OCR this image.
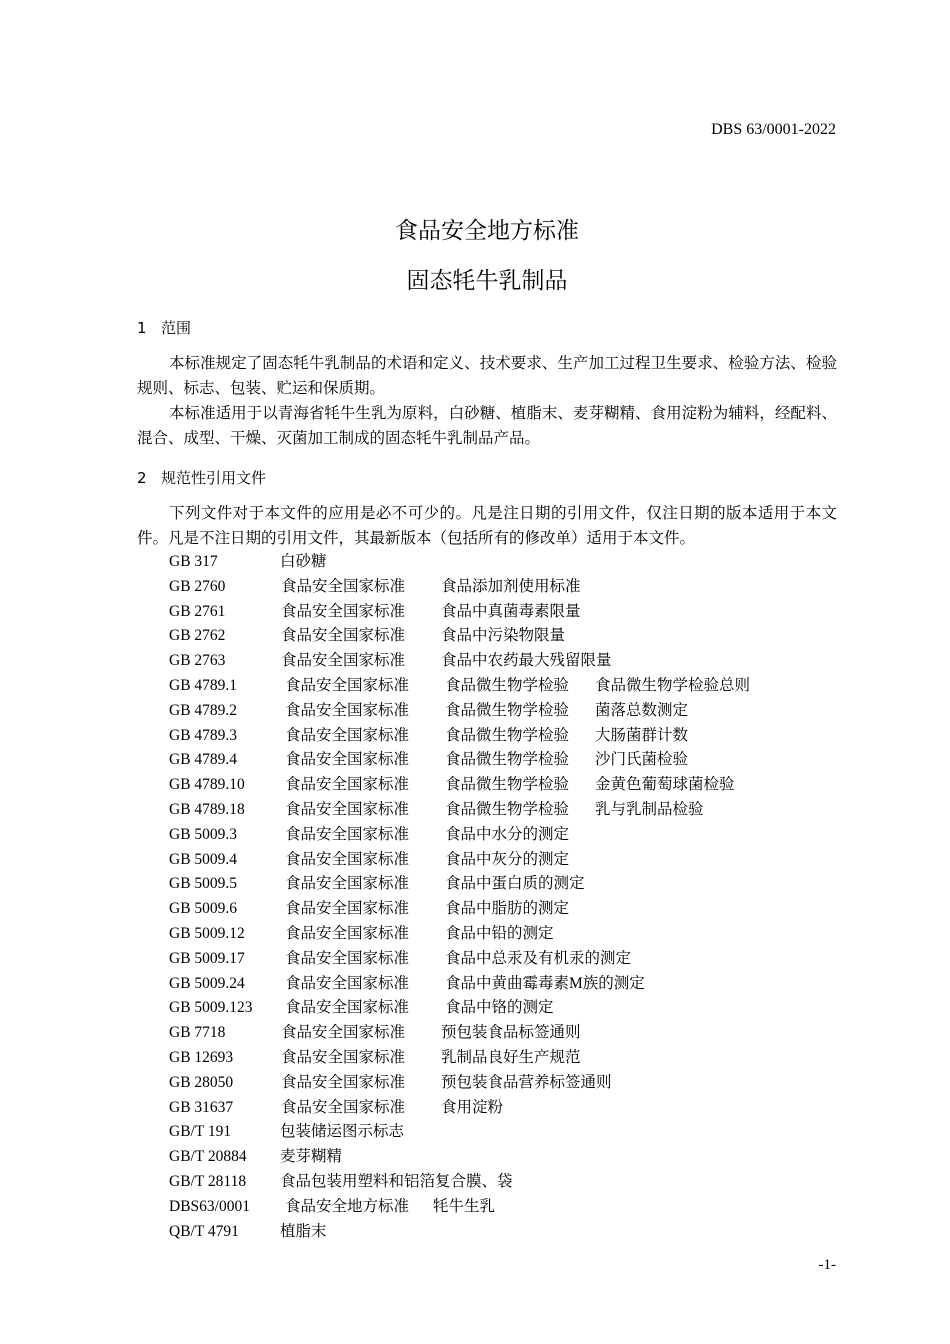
DBS 63/0001-2022
食品安全地方标准
固态牦牛乳制品
1 范围

本标准规定了固态牦牛乳制品的术语和定义、技术要求、生产加工过程卫生要求、检验方法、检验规则、标志、包装、贮运和保质期。

本标准适用于以青海省牦牛生乳为原料，白砂糖、植脂末、麦芽糊精、食用淀粉为辅料，经配料、混合、成型、干燥、灭菌加工制成的固态牦牛乳制品产品。

2 规范性引用文件

下列文件对于本文件的应用是必不可少的。凡是注日期的引用文件，仅注日期的版本适用于本文件。凡是不注日期的引用文件，其最新版本（包括所有的修改单）适用于本文件。

GB 317	白砂糖
GB 2760	食品安全国家标准 食品添加剂使用标准
GB 2761	食品安全国家标准 食品中真菌毒素限量
GB 2762	食品安全国家标准 食品中污染物限量
GB 2763	食品安全国家标准 食品中农药最大残留限量
GB 4789.1	食品安全国家标准 食品微生物学检验 食品微生物学检验总则
GB 4789.2	食品安全国家标准 食品微生物学检验 菌落总数测定
GB 4789.3	食品安全国家标准 食品微生物学检验 大肠菌群计数
GB 4789.4	食品安全国家标准 食品微生物学检验 沙门氏菌检验
GB 4789.10	食品安全国家标准 食品微生物学检验 金黄色葡萄球菌检验
GB 4789.18	食品安全国家标准 食品微生物学检验 乳与乳制品检验
GB 5009.3	食品安全国家标准 食品中水分的测定
GB 5009.4	食品安全国家标准 食品中灰分的测定
GB 5009.5	食品安全国家标准 食品中蛋白质的测定
GB 5009.6	食品安全国家标准 食品中脂肪的测定
GB 5009.12	食品安全国家标准 食品中铅的测定
GB 5009.17	食品安全国家标准 食品中总汞及有机汞的测定
GB 5009.24	食品安全国家标准 食品中黄曲霉毒素M族的测定
GB 5009.123 食品安全国家标准 食品中铬的测定
GB 7718	食品安全国家标准 预包装食品标签通则
GB 12693	食品安全国家标准 乳制品良好生产规范
GB 28050	食品安全国家标准 预包装食品营养标签通则
GB 31637	食品安全国家标准 食用淀粉
GB/T 191	包装储运图示标志
GB/T 20884 麦芽糊精
GB/T 28118 食品包装用塑料和铝箔复合膜、袋
DBS63/0001 食品安全地方标准 牦牛生乳
QB/T 4791	植脂末
-1-
